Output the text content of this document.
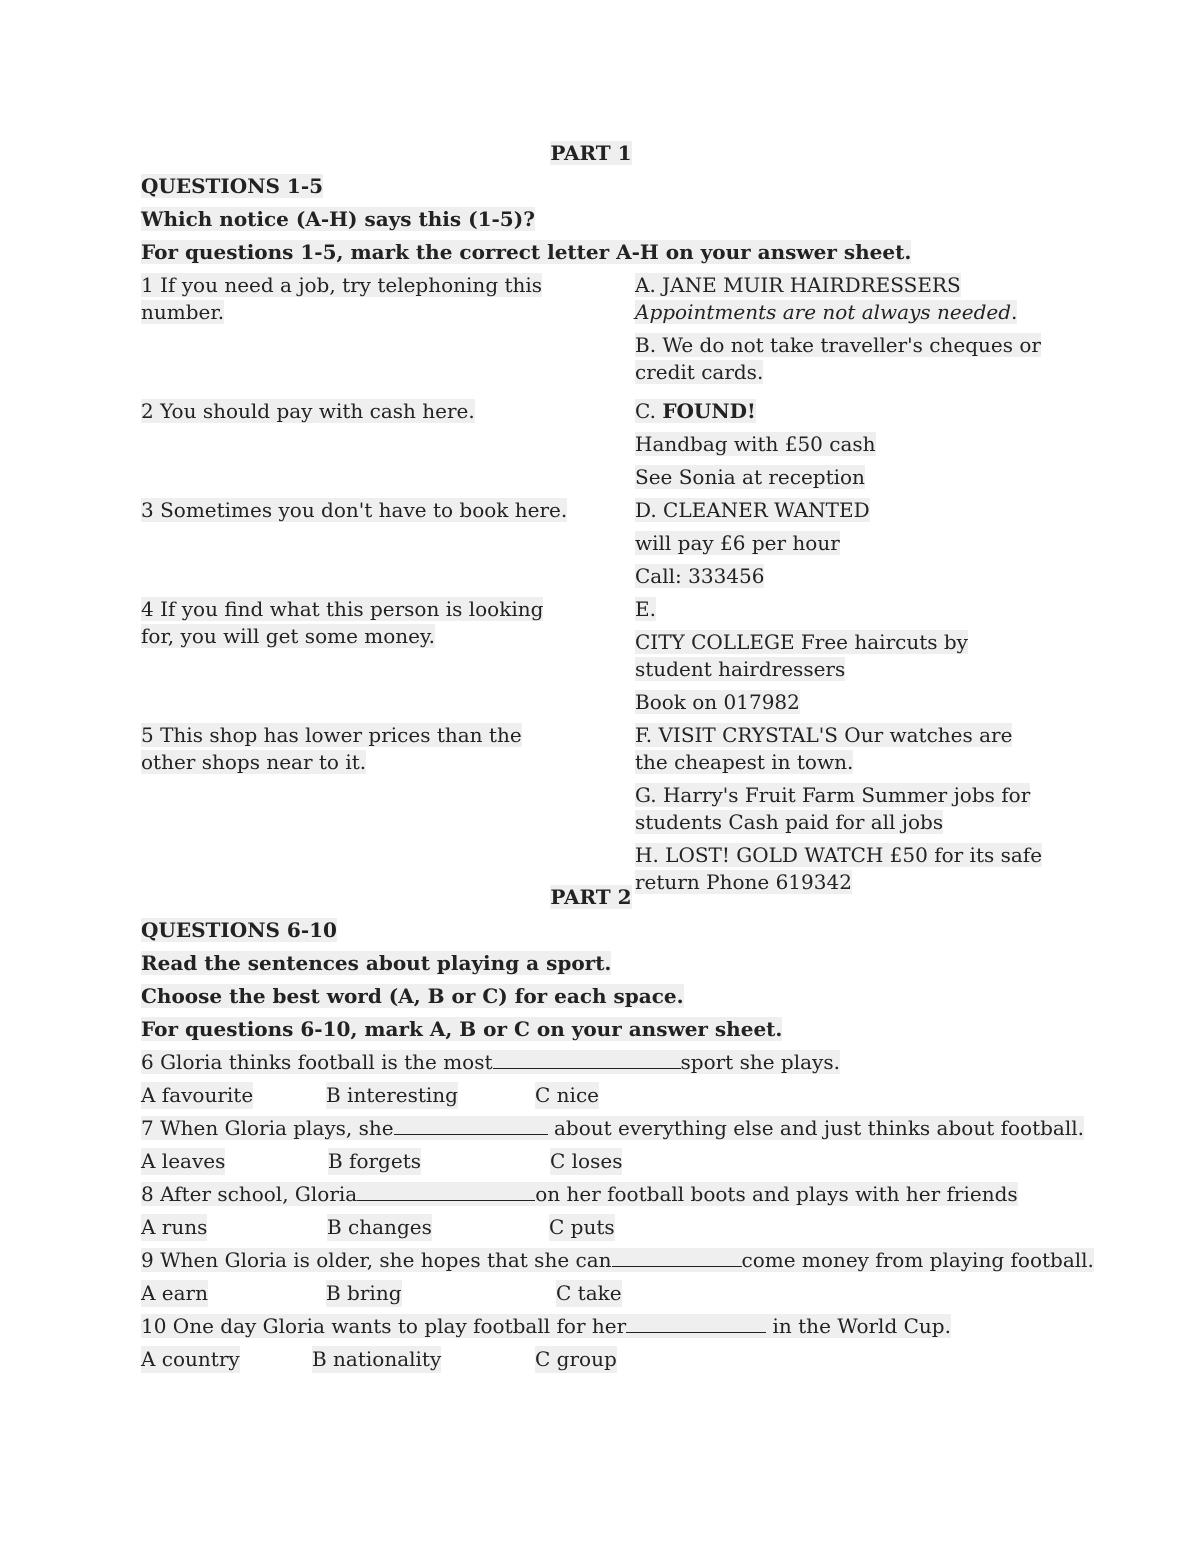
PART 1
QUESTIONS 1-5
Which notice (A-H) says this (1-5)?
For questions 1-5, mark the correct letter A-H on your answer sheet.
1 If you need a job, try telephoning this number.
2 You should pay with cash here.
3 Sometimes you don't have to book here.
4 If you find what this person is looking for, you will get some money.
5 This shop has lower prices than the other shops near to it.
A. JANE MUIR HAIRDRESSERS
Appointments are not always needed.
B. We do not take traveller's cheques or credit cards.
C. FOUND!
Handbag with £50 cash
See Sonia at reception
D. CLEANER WANTED
will pay £6 per hour
Call: 333456
E.
CITY COLLEGE Free haircuts by student hairdressers
Book on 017982
F. VISIT CRYSTAL'S Our watches are the cheapest in town.
G. Harry's Fruit Farm Summer jobs for students Cash paid for all jobs
H. LOST! GOLD WATCH £50 for its safe return Phone 619342
PART 2
QUESTIONS 6-10
Read the sentences about playing a sport.
Choose the best word (A, B or C) for each space.
For questions 6-10, mark A, B or C on your answer sheet.
6 Gloria thinks football is the most	sport she plays.
A favourite	B interesting	C nice
7 When Gloria plays, she	about everything else and just thinks about football.
A leaves	B forgets	C loses
8 After school, Gloria	on her football boots and plays with her friends
A runs	B changes	C puts
9 When Gloria is older, she hopes that she can	come money from playing football.
A earn	B bring	C take
10 One day Gloria wants to play football for her	in the World Cup.
A country	B nationality	C group
